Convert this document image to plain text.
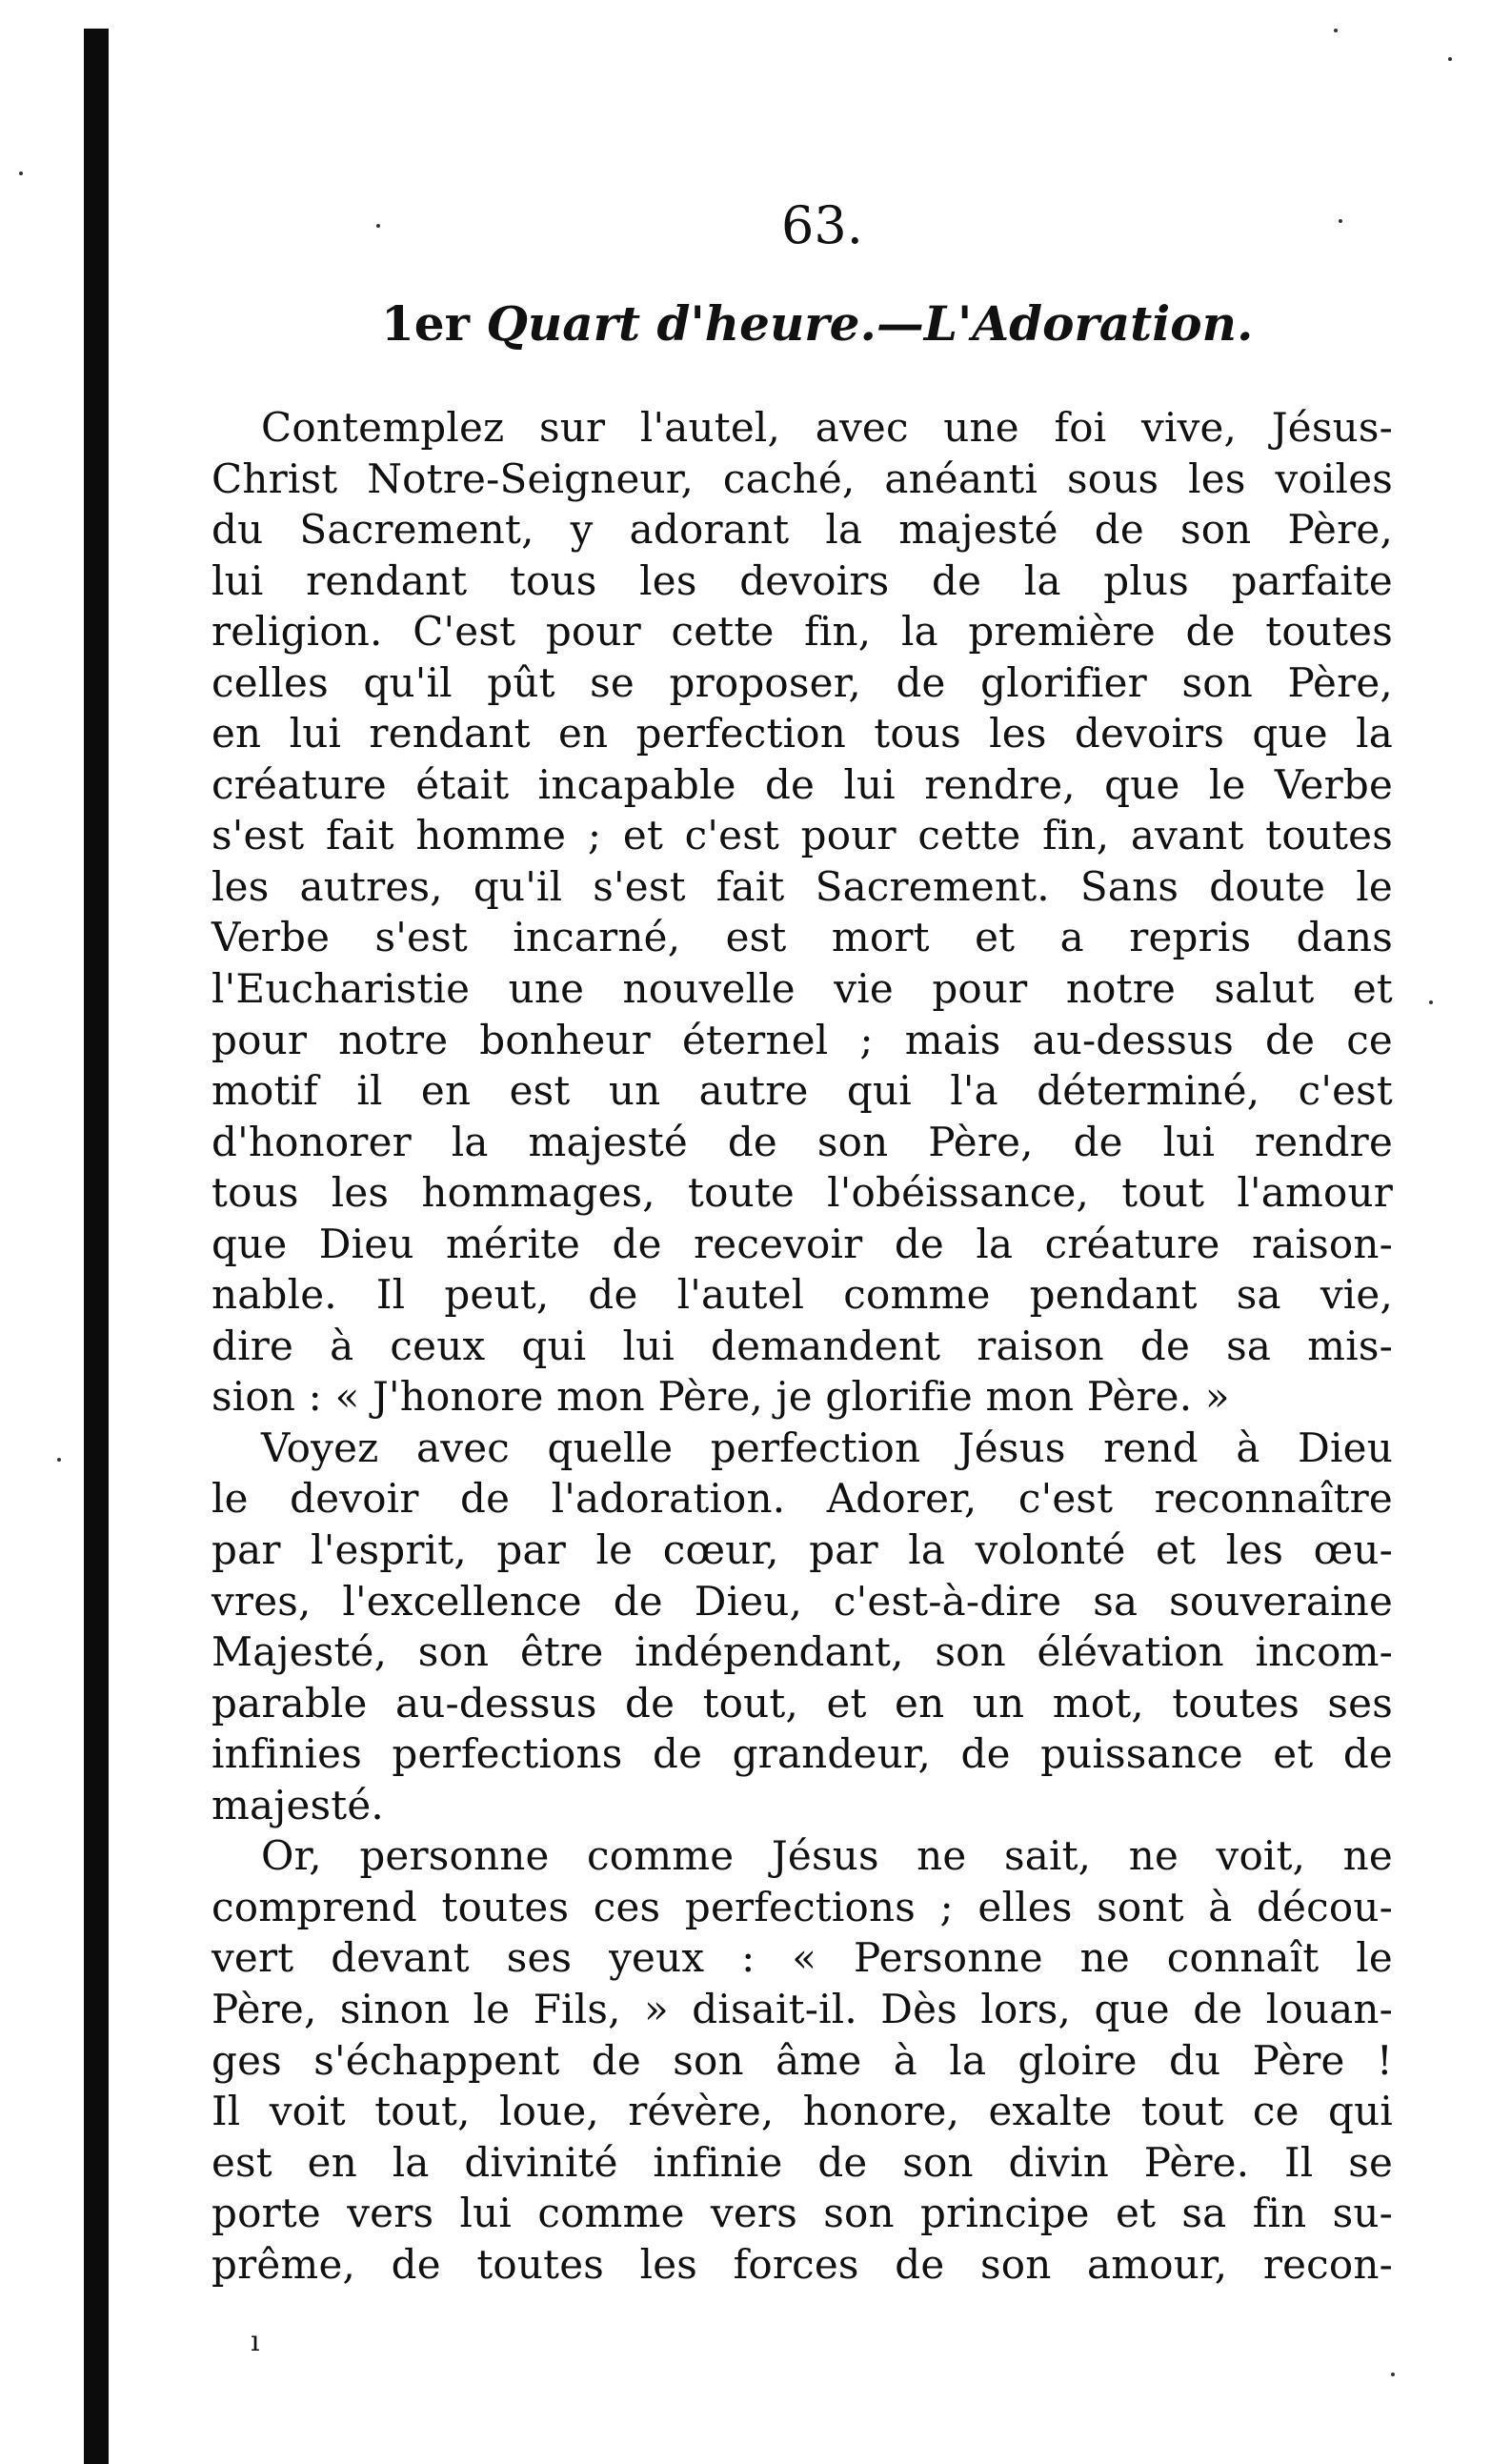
63.
1er Quart d'heure.—L'Adoration.
Contemplez sur l'autel, avec une foi vive, Jésus-
Christ Notre-Seigneur, caché, anéanti sous les voiles
du Sacrement, y adorant la majesté de son Père,
lui rendant tous les devoirs de la plus parfaite
religion. C'est pour cette fin, la première de toutes
celles qu'il pût se proposer, de glorifier son Père,
en lui rendant en perfection tous les devoirs que la
créature était incapable de lui rendre, que le Verbe
s'est fait homme ; et c'est pour cette fin, avant toutes
les autres, qu'il s'est fait Sacrement. Sans doute le
Verbe s'est incarné, est mort et a repris dans
l'Eucharistie une nouvelle vie pour notre salut et
pour notre bonheur éternel ; mais au-dessus de ce
motif il en est un autre qui l'a déterminé, c'est
d'honorer la majesté de son Père, de lui rendre
tous les hommages, toute l'obéissance, tout l'amour
que Dieu mérite de recevoir de la créature raison-
nable. Il peut, de l'autel comme pendant sa vie,
dire à ceux qui lui demandent raison de sa mis-
sion : « J'honore mon Père, je glorifie mon Père. »
Voyez avec quelle perfection Jésus rend à Dieu
le devoir de l'adoration. Adorer, c'est reconnaître
par l'esprit, par le cœur, par la volonté et les œu-
vres, l'excellence de Dieu, c'est-à-dire sa souveraine
Majesté, son être indépendant, son élévation incom-
parable au-dessus de tout, et en un mot, toutes ses
infinies perfections de grandeur, de puissance et de
majesté.
Or, personne comme Jésus ne sait, ne voit, ne
comprend toutes ces perfections ; elles sont à décou-
vert devant ses yeux : « Personne ne connaît le
Père, sinon le Fils, » disait-il. Dès lors, que de louan-
ges s'échappent de son âme à la gloire du Père !
Il voit tout, loue, révère, honore, exalte tout ce qui
est en la divinité infinie de son divin Père. Il se
porte vers lui comme vers son principe et sa fin su-
prême, de toutes les forces de son amour, recon-
ı
